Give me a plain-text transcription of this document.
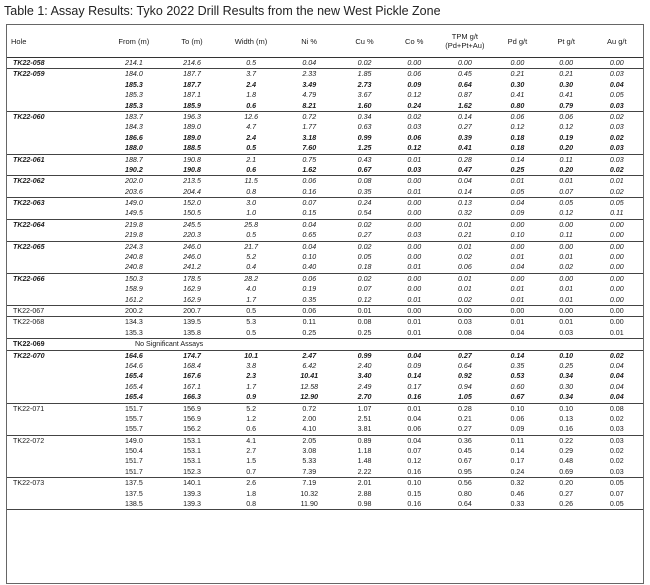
Table 1: Assay Results: Tyko 2022 Drill Results from the new West Pickle Zone
Hole	From (m)	To (m)	Width (m)	Ni %	Cu %	Co %	TPM g/t (Pd+Pt+Au)	Pd g/t	Pt g/t	Au g/t
TK22-058	214.1	214.6	0.5	0.04	0.02	0.00	0.00	0.00	0.00	0.00
TK22-059	184.0	187.7	3.7	2.33	1.85	0.06	0.45	0.21	0.21	0.03
185.3	187.7	2.4	3.49	2.73	0.09	0.64	0.30	0.30	0.04
185.3	187.1	1.8	4.79	3.67	0.12	0.87	0.41	0.41	0.05
185.3	185.9	0.6	8.21	1.60	0.24	1.62	0.80	0.79	0.03
TK22-060	183.7	196.3	12.6	0.72	0.34	0.02	0.14	0.06	0.06	0.02
184.3	189.0	4.7	1.77	0.63	0.03	0.27	0.12	0.12	0.03
186.6	189.0	2.4	3.18	0.99	0.06	0.39	0.18	0.19	0.02
188.0	188.5	0.5	7.60	1.25	0.12	0.41	0.18	0.20	0.03
TK22-061	188.7	190.8	2.1	0.75	0.43	0.01	0.28	0.14	0.11	0.03
190.2	190.8	0.6	1.62	0.67	0.03	0.47	0.25	0.20	0.02
TK22-062	202.0	213.5	11.5	0.06	0.08	0.00	0.04	0.01	0.01	0.01
203.6	204.4	0.8	0.16	0.35	0.01	0.14	0.05	0.07	0.02
TK22-063	149.0	152.0	3.0	0.07	0.24	0.00	0.13	0.04	0.05	0.05
149.5	150.5	1.0	0.15	0.54	0.00	0.32	0.09	0.12	0.11
TK22-064	219.8	245.5	25.8	0.04	0.02	0.00	0.01	0.00	0.00	0.00
219.8	220.3	0.5	0.65	0.27	0.03	0.21	0.10	0.11	0.00
TK22-065	224.3	246.0	21.7	0.04	0.02	0.00	0.01	0.00	0.00	0.00
240.8	246.0	5.2	0.10	0.05	0.00	0.02	0.01	0.01	0.00
240.8	241.2	0.4	0.40	0.18	0.01	0.06	0.04	0.02	0.00
TK22-066	150.3	178.5	28.2	0.06	0.02	0.00	0.01	0.00	0.00	0.00
158.9	162.9	4.0	0.19	0.07	0.00	0.01	0.01	0.01	0.00
161.2	162.9	1.7	0.35	0.12	0.01	0.02	0.01	0.01	0.00
TK22-067	200.2	200.7	0.5	0.06	0.01	0.00	0.00	0.00	0.00	0.00
TK22-068	134.3	139.5	5.3	0.11	0.08	0.01	0.03	0.01	0.01	0.00
135.3	135.8	0.5	0.25	0.25	0.01	0.08	0.04	0.03	0.01
TK22-069	No Significant Assays
TK22-070	164.6	174.7	10.1	2.47	0.99	0.04	0.27	0.14	0.10	0.02
164.6	168.4	3.8	6.42	2.40	0.09	0.64	0.35	0.25	0.04
165.4	167.6	2.3	10.41	3.40	0.14	0.92	0.53	0.34	0.04
165.4	167.1	1.7	12.58	2.49	0.17	0.94	0.60	0.30	0.04
165.4	166.3	0.9	12.90	2.70	0.16	1.05	0.67	0.34	0.04
TK22-071	151.7	156.9	5.2	0.72	1.07	0.01	0.28	0.10	0.10	0.08
155.7	156.9	1.2	2.00	2.51	0.04	0.21	0.06	0.13	0.02
155.7	156.2	0.6	4.10	3.81	0.06	0.27	0.09	0.16	0.03
TK22-072	149.0	153.1	4.1	2.05	0.89	0.04	0.36	0.11	0.22	0.03
150.4	153.1	2.7	3.08	1.18	0.07	0.45	0.14	0.29	0.02
151.7	153.1	1.5	5.33	1.48	0.12	0.67	0.17	0.48	0.02
151.7	152.3	0.7	7.39	2.22	0.16	0.95	0.24	0.69	0.03
TK22-073	137.5	140.1	2.6	7.19	2.01	0.10	0.56	0.32	0.20	0.05
137.5	139.3	1.8	10.32	2.88	0.15	0.80	0.46	0.27	0.07
138.5	139.3	0.8	11.90	0.98	0.16	0.64	0.33	0.26	0.05
